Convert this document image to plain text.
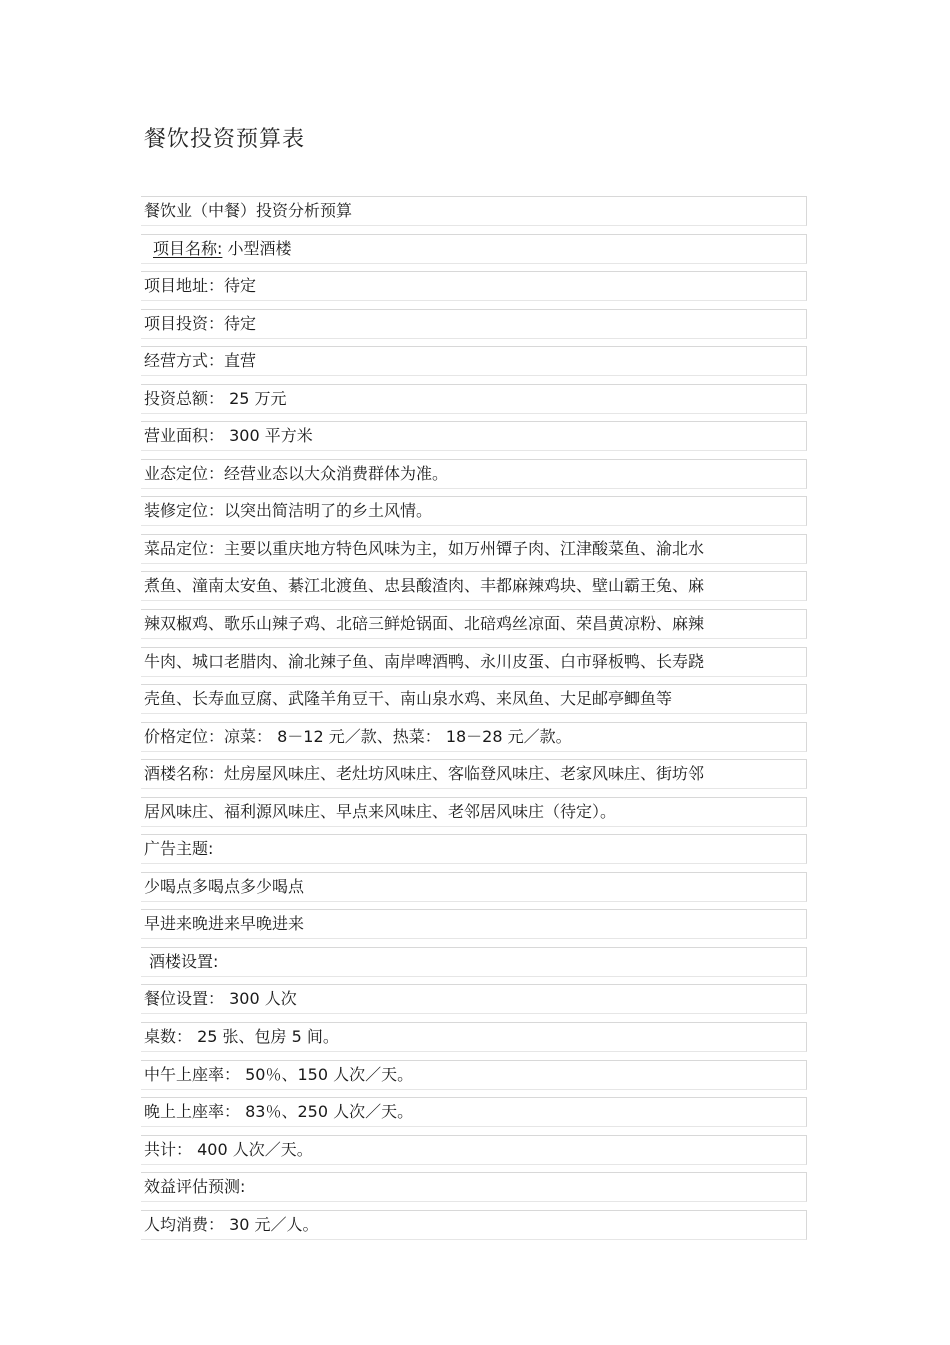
餐饮投资预算表
餐饮业（中餐）投资分析预算
项目名称: 小型酒楼
项目地址：待定
项目投资：待定
经营方式：直营
投资总额： 25 万元
营业面积： 300 平方米
业态定位：经营业态以大众消费群体为准。
装修定位：以突出简洁明了的乡土风情。
菜品定位：主要以重庆地方特色风味为主，如万州镡子肉、江津酸菜鱼、渝北水
煮鱼、潼南太安鱼、綦江北渡鱼、忠县酸渣肉、丰都麻辣鸡块、壁山霸王兔、麻
辣双椒鸡、歌乐山辣子鸡、北碚三鲜炝锅面、北碚鸡丝凉面、荣昌黄凉粉、麻辣
牛肉、城口老腊肉、渝北辣子鱼、南岸啤酒鸭、永川皮蛋、白市驿板鸭、长寿跷
壳鱼、长寿血豆腐、武隆羊角豆干、南山泉水鸡、来凤鱼、大足邮亭鲫鱼等
价格定位：凉菜： 8－12 元／款、热菜： 18－28 元／款。
酒楼名称：灶房屋风味庄、老灶坊风味庄、客临登风味庄、老家风味庄、街坊邻
居风味庄、福利源风味庄、早点来风味庄、老邻居风味庄（待定）。
广告主题:
少喝点多喝点多少喝点
早进来晚进来早晚进来
酒楼设置:
餐位设置： 300 人次
桌数： 25 张、包房 5 间。
中午上座率： 50％、150 人次／天。
晚上上座率： 83％、250 人次／天。
共计： 400 人次／天。
效益评估预测:
人均消费： 30 元／人。
